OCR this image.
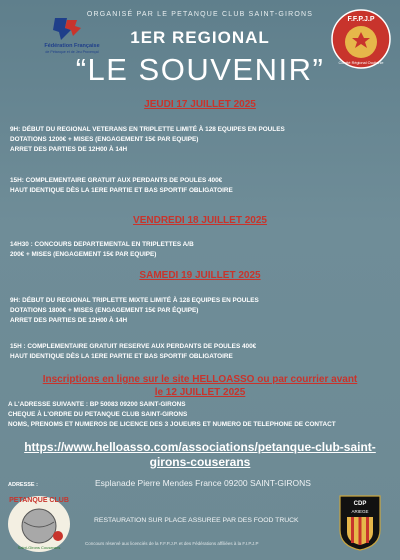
ORGANISÉ PAR LE PETANQUE CLUB SAINT-GIRONS
Fédération Française
de Pétanque et de Jeu Provençal
F.F.P.J.P
Comité Régional Occitanie
1ER REGIONAL
“LE SOUVENIR”
JEUDI 17 JUILLET 2025
9H: DÉBUT DU REGIONAL VETERANS EN TRIPLETTE LIMITÉ À 128 EQUIPES EN POULES
DOTATIONS 1200€ + MISES (ENGAGEMENT 15€ PAR EQUIPE)
ARRET DES PARTIES DE 12H00 À 14H
15H: COMPLEMENTAIRE GRATUIT AUX PERDANTS DE POULES 400€
HAUT IDENTIQUE DÈS LA 1ERE PARTIE ET BAS SPORTIF OBLIGATOIRE
VENDREDI 18 JUILLET 2025
14H30 : CONCOURS DEPARTEMENTAL EN TRIPLETTES A/B
200€ + MISES (ENGAGEMENT 15€ PAR EQUIPE)
SAMEDI 19 JUILLET 2025
9H: DÉBUT DU REGIONAL TRIPLETTE MIXTE LIMITÉ À 128 EQUIPES EN POULES
DOTATIONS 1800€ + MISES (ENGAGEMENT 15€ PAR ÉQUIPE)
ARRET DES PARTIES DE 12H00 À 14H
15H : COMPLEMENTAIRE GRATUIT RESERVE AUX PERDANTS DE POULES 400€
HAUT IDENTIQUE DÈS LA 1ERE PARTIE ET BAS SPORTIF OBLIGATOIRE
Inscriptions en ligne sur le site HELLOASSO ou par courrier avant
le 12 JUILLET 2025
A L'ADRESSE SUIVANTE : BP 50083 09200 SAINT-GIRONS
CHEQUE À L'ORDRE DU PETANQUE CLUB SAINT-GIRONS
NOMS, PRENOMS ET NUMEROS DE LICENCE DES 3 JOUEURS ET NUMERO DE TELEPHONE DE CONTACT
https://www.helloasso.com/associations/petanque-club-saint-
girons-couserans
ADRESSE :	Esplanade Pierre Mendes France 09200 SAINT-GIRONS
PETANQUE CLUB
Saint-Girons Couserans
RESTAURATION SUR PLACE ASSUREE PAR DES FOOD TRUCK
CDP
ARIEGE
Concours réservé aux licenciés de la F.F.P.J.P. et des Fédérations affiliées à la F.I.P.J.P
